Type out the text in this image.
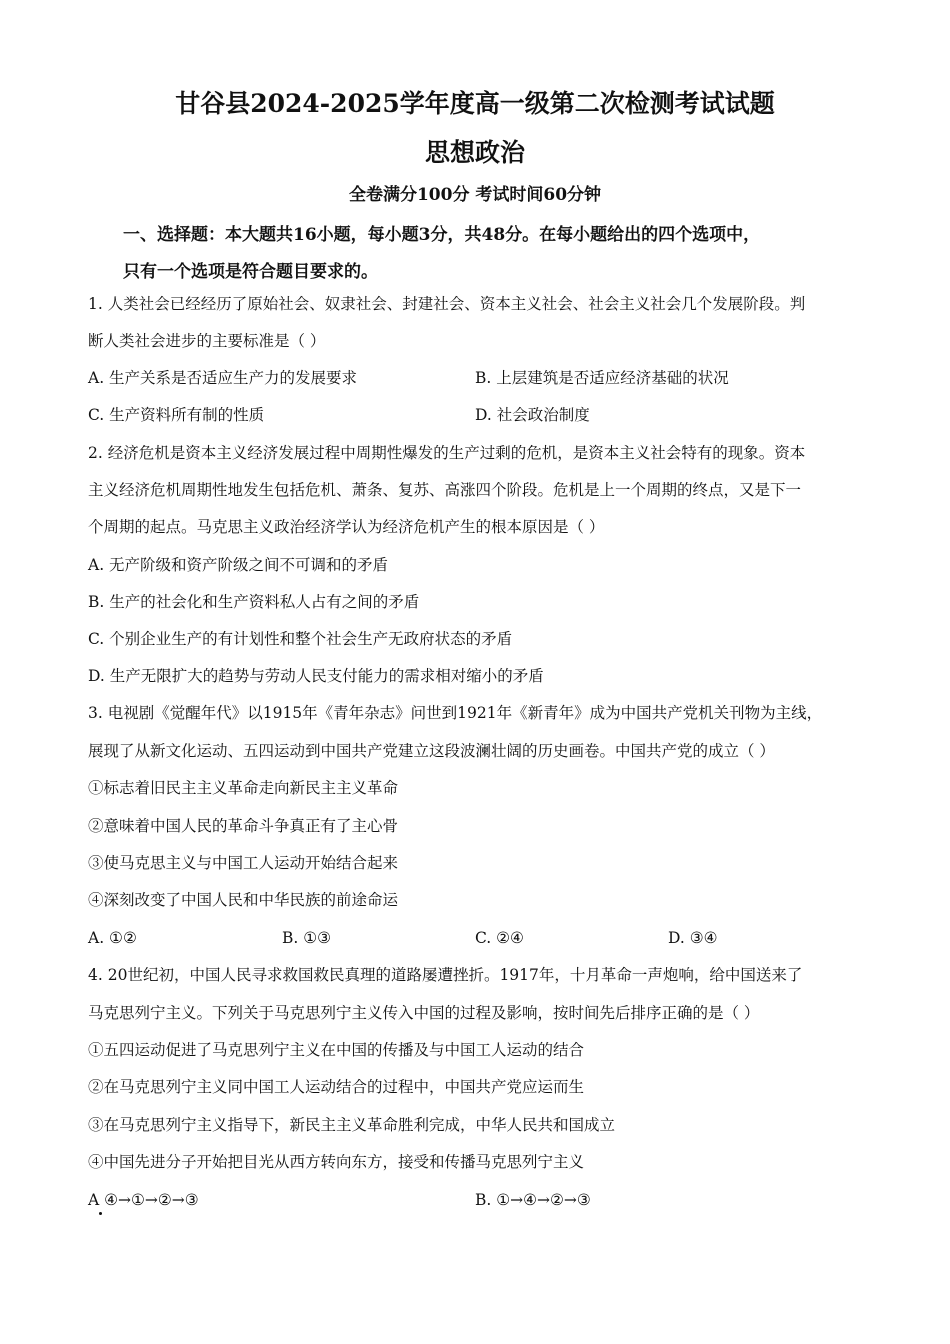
甘谷县2024-2025学年度高一级第二次检测考试试题
思想政治
全卷满分100分 考试时间60分钟
一、选择题：本大题共16小题，每小题3分，共48分。在每小题给出的四个选项中，
只有一个选项是符合题目要求的。
1. 人类社会已经经历了原始社会、奴隶社会、封建社会、资本主义社会、社会主义社会几个发展阶段。判
断人类社会进步的主要标准是（ ）
A. 生产关系是否适应生产力的发展要求	B. 上层建筑是否适应经济基础的状况
C. 生产资料所有制的性质	D. 社会政治制度
2. 经济危机是资本主义经济发展过程中周期性爆发的生产过剩的危机，是资本主义社会特有的现象。资本
主义经济危机周期性地发生包括危机、萧条、复苏、高涨四个阶段。危机是上一个周期的终点，又是下一
个周期的起点。马克思主义政治经济学认为经济危机产生的根本原因是（ ）
A. 无产阶级和资产阶级之间不可调和的矛盾
B. 生产的社会化和生产资料私人占有之间的矛盾
C. 个别企业生产的有计划性和整个社会生产无政府状态的矛盾
D. 生产无限扩大的趋势与劳动人民支付能力的需求相对缩小的矛盾
3. 电视剧《觉醒年代》以1915年《青年杂志》问世到1921年《新青年》成为中国共产党机关刊物为主线，
展现了从新文化运动、五四运动到中国共产党建立这段波澜壮阔的历史画卷。中国共产党的成立（ ）
①标志着旧民主主义革命走向新民主主义革命
②意味着中国人民的革命斗争真正有了主心骨
③使马克思主义与中国工人运动开始结合起来
④深刻改变了中国人民和中华民族的前途命运
A. ①②	B. ①③	C. ②④	D. ③④
4. 20世纪初，中国人民寻求救国救民真理的道路屡遭挫折。1917年，十月革命一声炮响，给中国送来了
马克思列宁主义。下列关于马克思列宁主义传入中国的过程及影响，按时间先后排序正确的是（ ）
①五四运动促进了马克思列宁主义在中国的传播及与中国工人运动的结合
②在马克思列宁主义同中国工人运动结合的过程中，中国共产党应运而生
③在马克思列宁主义指导下，新民主主义革命胜利完成，中华人民共和国成立
④中国先进分子开始把目光从西方转向东方，接受和传播马克思列宁主义
A ④→①→②→③	B. ①→④→②→③
